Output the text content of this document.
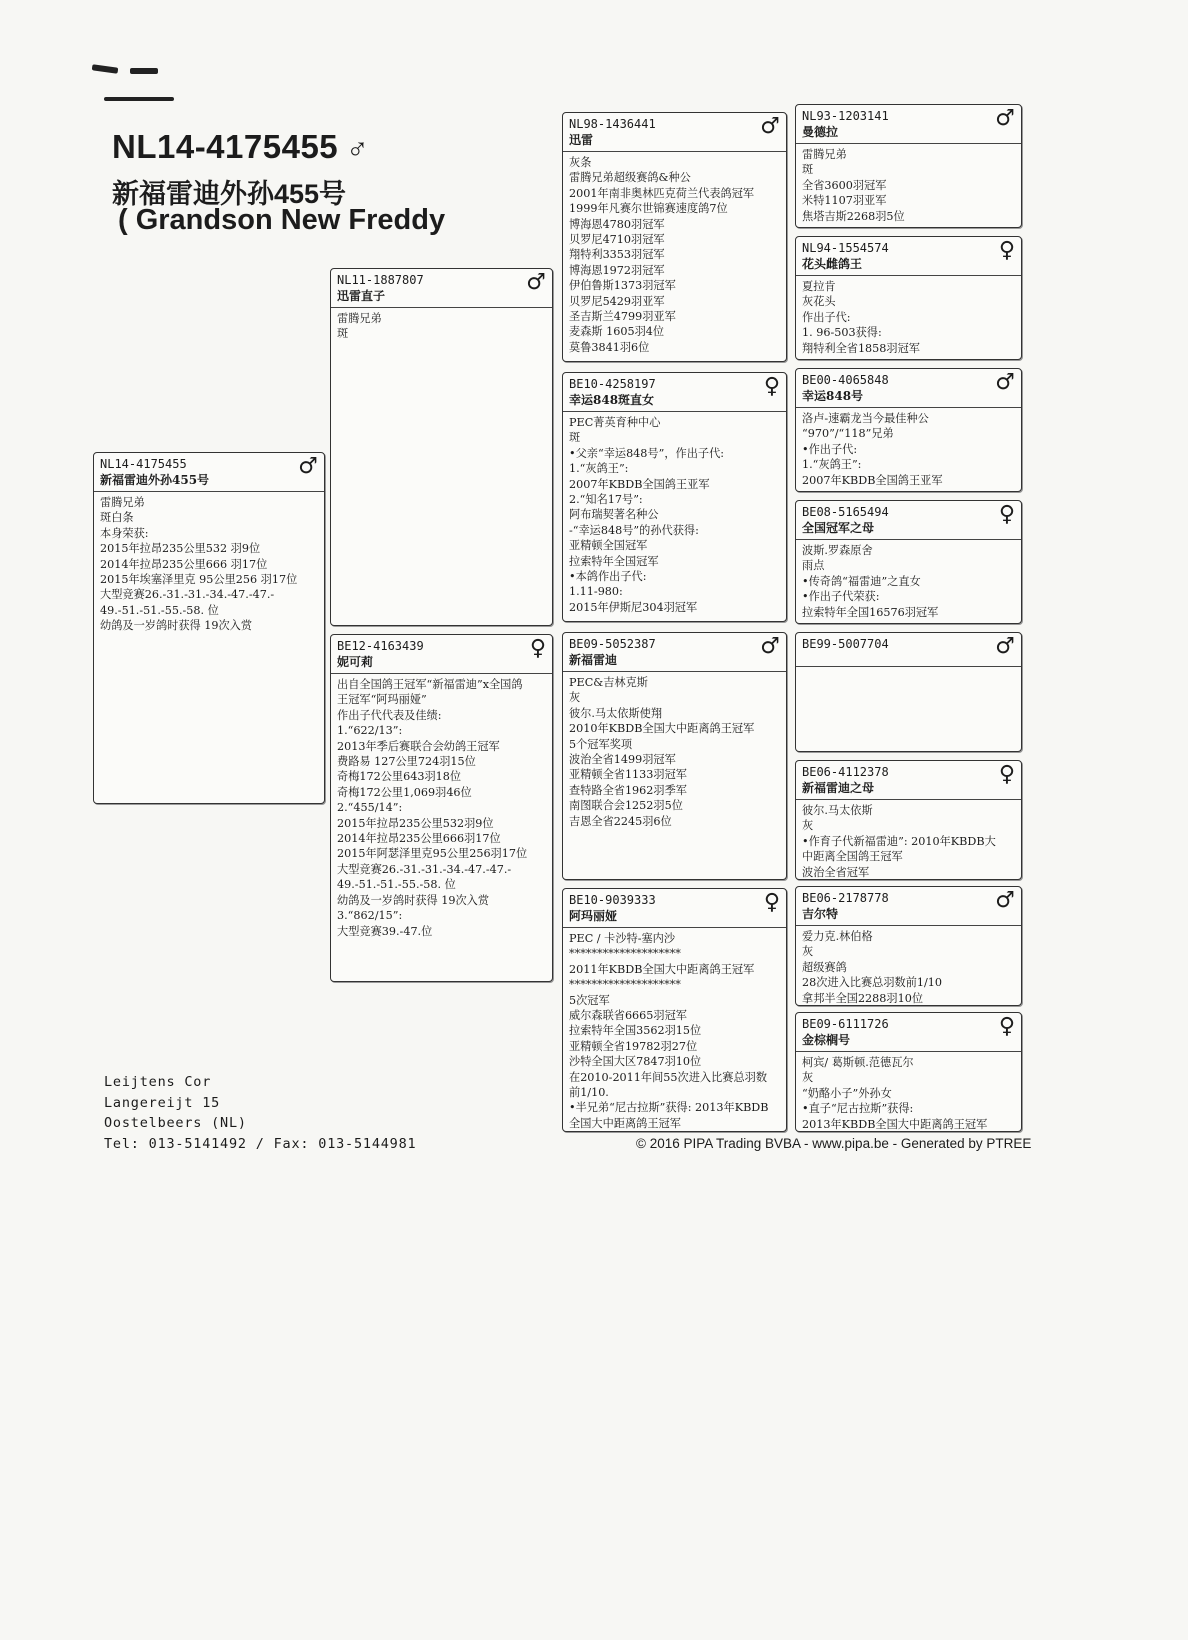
NL14-4175455 ♂
新福雷迪外孙455号
( Grandson New Freddy
NL14-4175455
新福雷迪外孙455号
♂
雷腾兄弟
斑白条
本身荣获:
2015年拉昂235公里532 羽9位
2014年拉昂235公里666 羽17位
2015年埃塞泽里克 95公里256 羽17位
大型竞赛26.-31.-31.-34.-47.-47.-
49.-51.-51.-55.-58. 位
幼鸽及一岁鸽时获得 19次入赏
NL11-1887807
迅雷直子
♂
雷腾兄弟
斑
BE12-4163439
妮可莉
♀
出自全国鸽王冠军“新福雷迪”x全国鸽
王冠军“阿玛丽娅”
作出子代代表及佳绩:
1.“622/13”:
2013年季后赛联合会幼鸽王冠军
费路易 127公里724羽15位
奇梅172公里643羽18位
奇梅172公里1,069羽46位
2.“455/14”:
2015年拉昂235公里532羽9位
2014年拉昂235公里666羽17位
2015年阿瑟泽里克95公里256羽17位
大型竞赛26.-31.-31.-34.-47.-47.-
49.-51.-51.-55.-58. 位
幼鸽及一岁鸽时获得 19次入赏
3.“862/15”:
大型竞赛39.-47.位
NL98-1436441
迅雷
♂
灰条
雷腾兄弟超级赛鸽&种公
2001年南非奥林匹克荷兰代表鸽冠军
1999年凡赛尔世锦赛速度鸽7位
博海恩4780羽冠军
贝罗尼4710羽冠军
翔特利3353羽冠军
博海恩1972羽冠军
伊伯鲁斯1373羽冠军
贝罗尼5429羽亚军
圣吉斯兰4799羽亚军
麦森斯 1605羽4位
莫鲁3841羽6位
BE10-4258197
幸运848斑直女
♀
PEC菁英育种中心
斑
•父亲“幸运848号”，作出子代:
1.“灰鸽王”:
2007年KBDB全国鸽王亚军
2.“知名17号”:
阿布瑞契著名种公
-“幸运848号”的孙代获得:
亚精顿全国冠军
拉索特年全国冠军
•本鸽作出子代:
1.11-980:
2015年伊斯尼304羽冠军
BE09-5052387
新福雷迪
♂
PEC&吉林克斯
灰
彼尔.马太依斯使翔
2010年KBDB全国大中距离鸽王冠军
5个冠军奖项
波治全省1499羽冠军
亚精顿全省1133羽冠军
查特路全省1962羽季军
南图联合会1252羽5位
吉恩全省2245羽6位
BE10-9039333
阿玛丽娅
♀
PEC / 卡沙特-塞内沙
********************
2011年KBDB全国大中距离鸽王冠军
********************
5次冠军
威尔森联省6665羽冠军
拉索特年全国3562羽15位
亚精顿全省19782羽27位
沙特全国大区7847羽10位
在2010-2011年间55次进入比赛总羽数
前1/10.
•半兄弟“尼古拉斯”获得: 2013年KBDB
全国大中距离鸽王冠军
NL93-1203141
曼德拉
♂
雷腾兄弟
斑
全省3600羽冠军
米特1107羽亚军
焦塔吉斯2268羽5位
NL94-1554574
花头雌鸽王
♀
夏拉肯
灰花头
作出子代:
1. 96-503获得:
翔特利全省1858羽冠军
BE00-4065848
幸运848号
♂
洛卢-速霸龙当今最佳种公
“970”/“118”兄弟
•作出子代:
1.“灰鸽王”:
2007年KBDB全国鸽王亚军
BE08-5165494
全国冠军之母
♀
波斯.罗森原舍
雨点
•传奇鸽“福雷迪”之直女
•作出子代荣获:
拉索特年全国16576羽冠军
BE99-5007704	♂
BE06-4112378
新福雷迪之母
♀
彼尔.马太依斯
灰
•作育子代新福雷迪”: 2010年KBDB大
中距离全国鸽王冠军
波治全省冠军
BE06-2178778
吉尔特
♂
爱力克.林伯格
灰
超级赛鸽
28次进入比赛总羽数前1/10
拿邦半全国2288羽10位
BE09-6111726
金棕榈号
♀
柯宾/ 葛斯顿.范德瓦尔
灰
“奶酪小子”外孙女
•直子“尼古拉斯”获得:
2013年KBDB全国大中距离鸽王冠军
Leijtens Cor
Langereijt 15
Oostelbeers (NL)
Tel: 013-5141492 / Fax: 013-5144981	© 2016 PIPA Trading BVBA - www.pipa.be - Generated by PTREE
